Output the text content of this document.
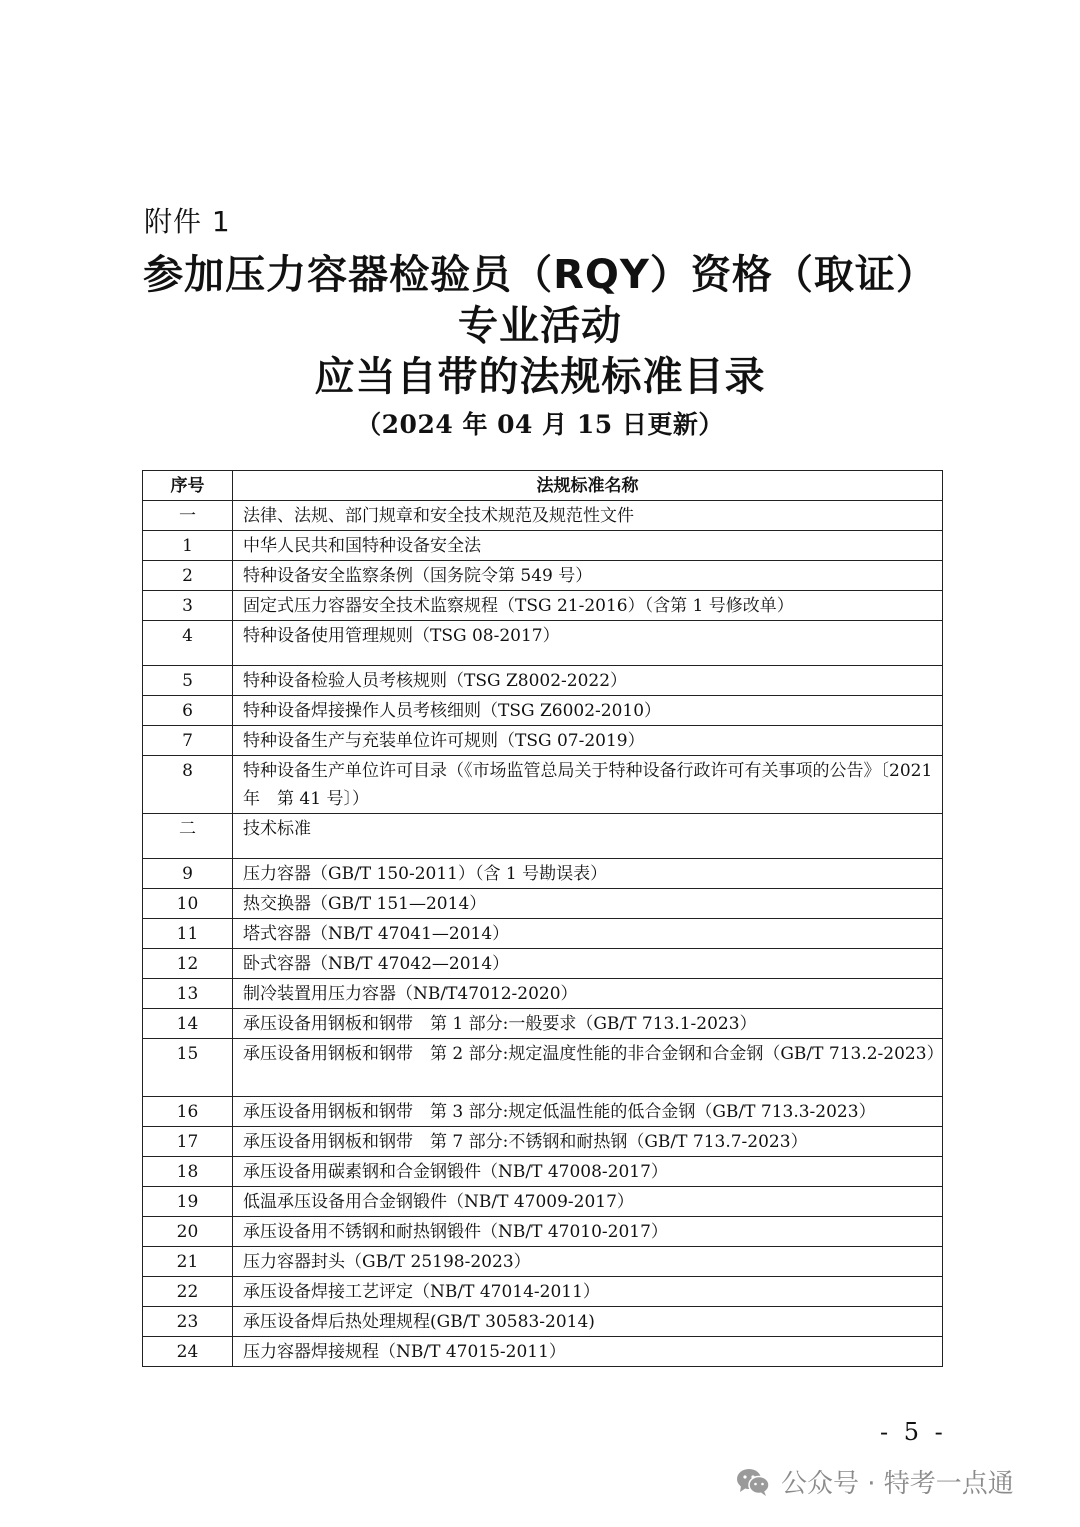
附件 1
参加压力容器检验员（RQY）资格（取证）
专业活动
应当自带的法规标准目录
（2024 年 04 月 15 日更新）
序号	法规标准名称
一	法律、法规、部门规章和安全技术规范及规范性文件
1	中华人民共和国特种设备安全法
2	特种设备安全监察条例（国务院令第 549 号）
3	固定式压力容器安全技术监察规程（TSG 21-2016）（含第 1 号修改单）
4	特种设备使用管理规则（TSG 08-2017）
5	特种设备检验人员考核规则（TSG Z8002-2022）
6	特种设备焊接操作人员考核细则（TSG Z6002-2010）
7	特种设备生产与充装单位许可规则（TSG 07-2019）
8	特种设备生产单位许可目录（《市场监管总局关于特种设备行政许可有关事项的公告》〔2021 年　第 41 号〕）
二	技术标准
9	压力容器（GB/T 150-2011）（含 1 号勘误表）
10	热交换器（GB/T 151—2014）
11	塔式容器（NB/T 47041—2014）
12	卧式容器（NB/T 47042—2014）
13	制冷装置用压力容器（NB/T47012-2020）
14	承压设备用钢板和钢带　第 1 部分:一般要求（GB/T 713.1-2023）
15	承压设备用钢板和钢带　第 2 部分:规定温度性能的非合金钢和合金钢（GB/T 713.2-2023）
16	承压设备用钢板和钢带　第 3 部分:规定低温性能的低合金钢（GB/T 713.3-2023）
17	承压设备用钢板和钢带　第 7 部分:不锈钢和耐热钢（GB/T 713.7-2023）
18	承压设备用碳素钢和合金钢锻件（NB/T 47008-2017）
19	低温承压设备用合金钢锻件（NB/T 47009-2017）
20	承压设备用不锈钢和耐热钢锻件（NB/T 47010-2017）
21	压力容器封头（GB/T 25198-2023）
22	承压设备焊接工艺评定（NB/T 47014-2011）
23	承压设备焊后热处理规程(GB/T 30583-2014)
24	压力容器焊接规程（NB/T 47015-2011）
- 5 -
公众号 · 特考一点通
